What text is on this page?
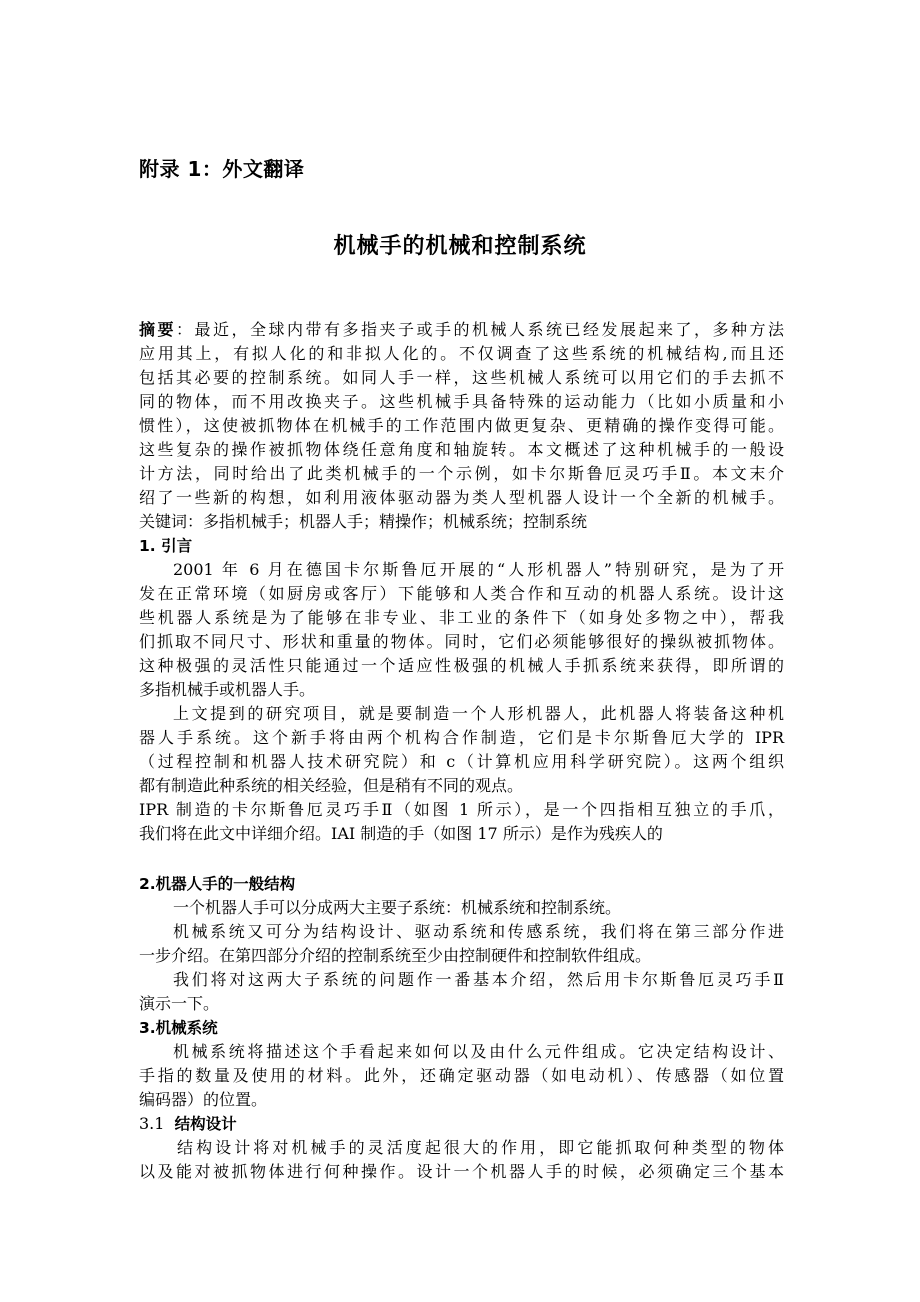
附录 1：外文翻译
机械手的机械和控制系统
摘要：最近，全球内带有多指夹子或手的机械人系统已经发展起来了，多种方法
应用其上，有拟人化的和非拟人化的。不仅调查了这些系统的机械结构,而且还
包括其必要的控制系统。如同人手一样，这些机械人系统可以用它们的手去抓不
同的物体，而不用改换夹子。这些机械手具备特殊的运动能力（比如小质量和小
惯性），这使被抓物体在机械手的工作范围内做更复杂、更精确的操作变得可能。
这些复杂的操作被抓物体绕任意角度和轴旋转。本文概述了这种机械手的一般设
计方法，同时给出了此类机械手的一个示例，如卡尔斯鲁厄灵巧手Ⅱ。本文末介
绍了一些新的构想，如利用液体驱动器为类人型机器人设计一个全新的机械手。
关键词：多指机械手；机器人手；精操作；机械系统；控制系统
1. 引言
2001 年 6 月在德国卡尔斯鲁厄开展的“人形机器人”特别研究，是为了开
发在正常环境（如厨房或客厅）下能够和人类合作和互动的机器人系统。设计这
些机器人系统是为了能够在非专业、非工业的条件下（如身处多物之中），帮我
们抓取不同尺寸、形状和重量的物体。同时，它们必须能够很好的操纵被抓物体。
这种极强的灵活性只能通过一个适应性极强的机械人手抓系统来获得，即所谓的
多指机械手或机器人手。
上文提到的研究项目，就是要制造一个人形机器人，此机器人将装备这种机
器人手系统。这个新手将由两个机构合作制造，它们是卡尔斯鲁厄大学的 IPR
（过程控制和机器人技术研究院）和 c（计算机应用科学研究院）。这两个组织
都有制造此种系统的相关经验，但是稍有不同的观点。
IPR 制造的卡尔斯鲁厄灵巧手Ⅱ（如图 1 所示），是一个四指相互独立的手爪，
我们将在此文中详细介绍。IAI 制造的手（如图 17 所示）是作为残疾人的
2.机器人手的一般结构
一个机器人手可以分成两大主要子系统：机械系统和控制系统。
机械系统又可分为结构设计、驱动系统和传感系统，我们将在第三部分作进
一步介绍。在第四部分介绍的控制系统至少由控制硬件和控制软件组成。
我们将对这两大子系统的问题作一番基本介绍，然后用卡尔斯鲁厄灵巧手Ⅱ
演示一下。
3.机械系统
机械系统将描述这个手看起来如何以及由什么元件组成。它决定结构设计、
手指的数量及使用的材料。此外，还确定驱动器（如电动机）、传感器（如位置
编码器）的位置。
3.1 结构设计
结构设计将对机械手的灵活度起很大的作用，即它能抓取何种类型的物体
以及能对被抓物体进行何种操作。设计一个机器人手的时候，必须确定三个基本
